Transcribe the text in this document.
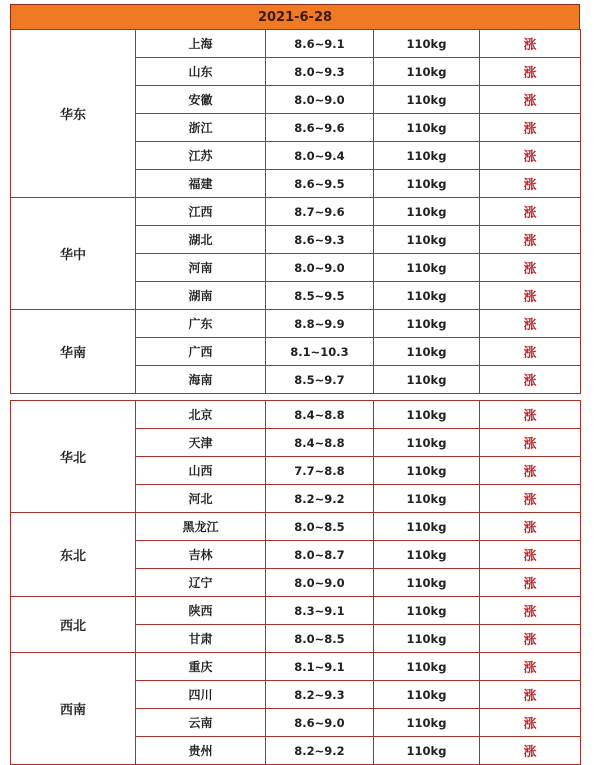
2021-6-28
华东	上海	8.6~9.1	110kg	涨
	山东	8.0~9.3	110kg	涨
	安徽	8.0~9.0	110kg	涨
	浙江	8.6~9.6	110kg	涨
	江苏	8.0~9.4	110kg	涨
	福建	8.6~9.5	110kg	涨
华中	江西	8.7~9.6	110kg	涨
	湖北	8.6~9.3	110kg	涨
	河南	8.0~9.0	110kg	涨
	湖南	8.5~9.5	110kg	涨
华南	广东	8.8~9.9	110kg	涨
	广西	8.1~10.3	110kg	涨
	海南	8.5~9.7	110kg	涨
华北	北京	8.4~8.8	110kg	涨
	天津	8.4~8.8	110kg	涨
	山西	7.7~8.8	110kg	涨
	河北	8.2~9.2	110kg	涨
东北	黑龙江	8.0~8.5	110kg	涨
	吉林	8.0~8.7	110kg	涨
	辽宁	8.0~9.0	110kg	涨
西北	陕西	8.3~9.1	110kg	涨
	甘肃	8.0~8.5	110kg	涨
西南	重庆	8.1~9.1	110kg	涨
	四川	8.2~9.3	110kg	涨
	云南	8.6~9.0	110kg	涨
	贵州	8.2~9.2	110kg	涨
